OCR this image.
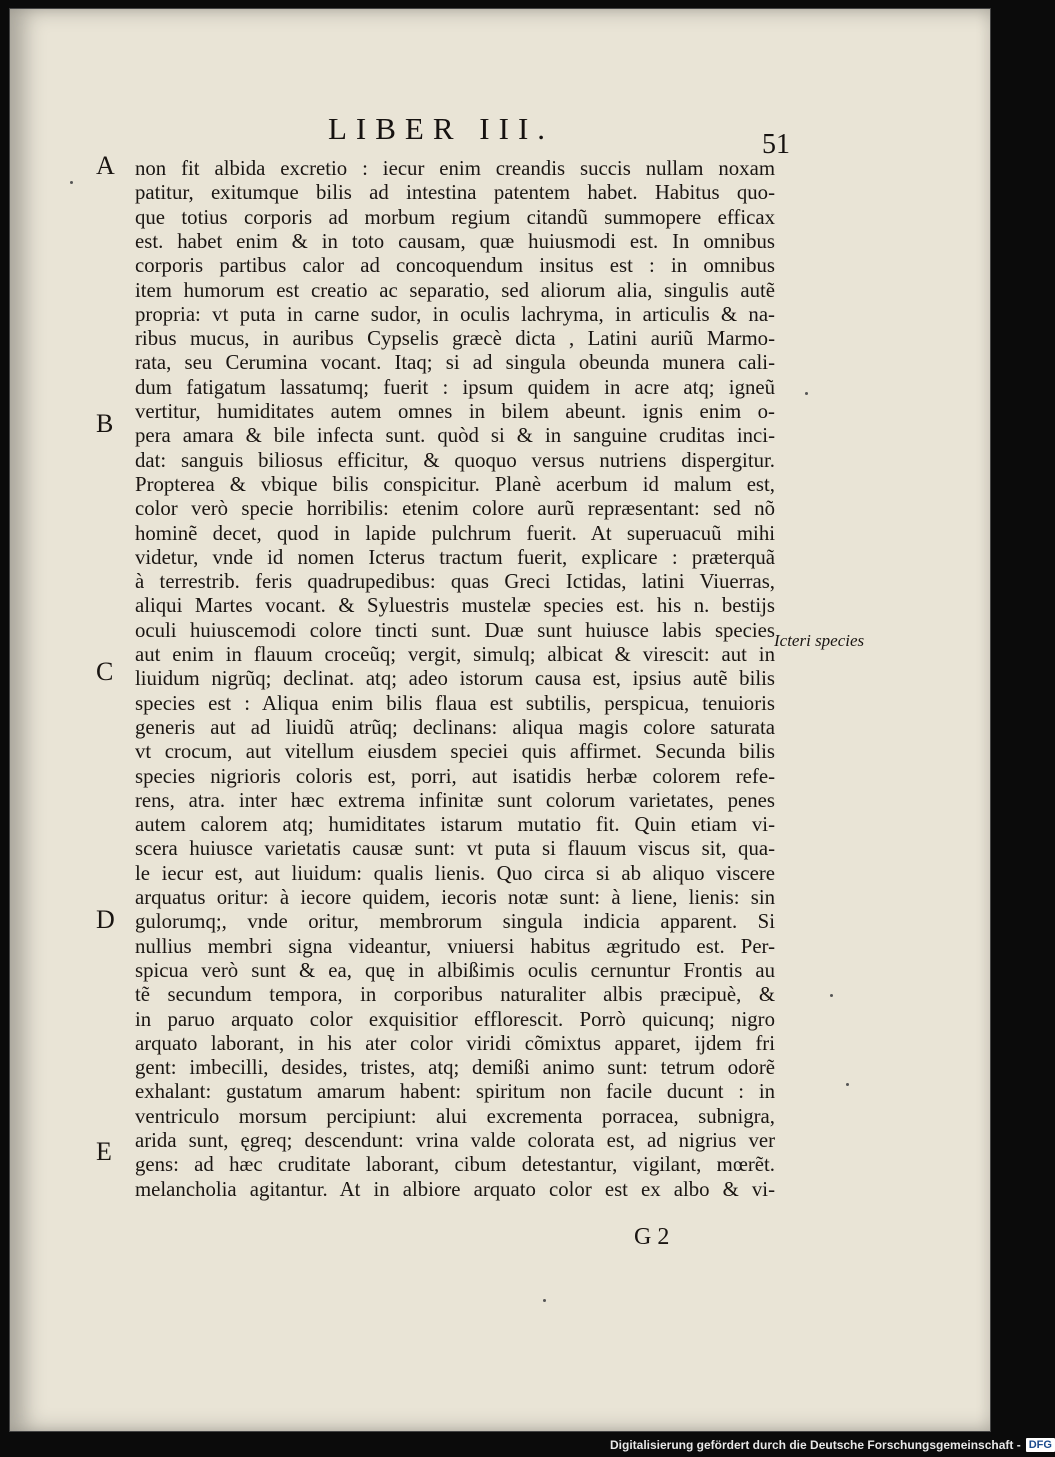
LIBER III.	51
non fit albida excretio : iecur enim creandis succis nullam noxam
patitur, exitumque bilis ad intestina patentem habet. Habitus quo-
que totius corporis ad morbum regium citandũ summopere efficax
est. habet enim & in toto causam, quæ huiusmodi est. In omnibus
corporis partibus calor ad concoquendum insitus est : in omnibus
item humorum est creatio ac separatio, sed aliorum alia, singulis autẽ
propria: vt puta in carne sudor, in oculis lachryma, in articulis & na-
ribus mucus, in auribus Cypselis græcè dicta , Latini auriũ Marmo-
rata, seu Cerumina vocant. Itaq; si ad singula obeunda munera cali-
dum fatigatum lassatumq; fuerit : ipsum quidem in acre atq; igneũ
vertitur, humiditates autem omnes in bilem abeunt. ignis enim o-
pera amara & bile infecta sunt. quòd si & in sanguine cruditas inci-
dat: sanguis biliosus efficitur, & quoquo versus nutriens dispergitur.
Propterea & vbique bilis conspicitur. Planè acerbum id malum est,
color verò specie horribilis: etenim colore aurũ repræsentant: sed nõ
hominẽ decet, quod in lapide pulchrum fuerit. At superuacuũ mihi
videtur, vnde id nomen Icterus tractum fuerit, explicare : præterquã
à terrestrib. feris quadrupedibus: quas Greci Ictidas, latini Viuerras,
aliqui Martes vocant. & Syluestris mustelæ species est. his n. bestijs
oculi huiuscemodi colore tincti sunt. Duæ sunt huiusce labis species
aut enim in flauum croceũq; vergit, simulq; albicat & virescit: aut in
liuidum nigrũq; declinat. atq; adeo istorum causa est, ipsius autẽ bilis
species est : Aliqua enim bilis flaua est subtilis, perspicua, tenuioris
generis aut ad liuidũ atrũq; declinans: aliqua magis colore saturata
vt crocum, aut vitellum eiusdem speciei quis affirmet. Secunda bilis
species nigrioris coloris est, porri, aut isatidis herbæ colorem refe-
rens, atra. inter hæc extrema infinitæ sunt colorum varietates, penes
autem calorem atq; humiditates istarum mutatio fit. Quin etiam vi-
scera huiusce varietatis causæ sunt: vt puta si flauum viscus sit, qua-
le iecur est, aut liuidum: qualis lienis. Quo circa si ab aliquo viscere
arquatus oritur: à iecore quidem, iecoris notæ sunt: à liene, lienis: sin
gulorumq;, vnde oritur, membrorum singula indicia apparent. Si
nullius membri signa videantur, vniuersi habitus ægritudo est. Per-
spicua verò sunt & ea, quę in albißimis oculis cernuntur Frontis au
tẽ secundum tempora, in corporibus naturaliter albis præcipuè, &
in paruo arquato color exquisitior efflorescit. Porrò quicunq; nigro
arquato laborant, in his ater color viridi cõmixtus apparet, ijdem fri
gent: imbecilli, desides, tristes, atq; demißi animo sunt: tetrum odorẽ
exhalant: gustatum amarum habent: spiritum non facile ducunt : in
ventriculo morsum percipiunt: alui excrementa porracea, subnigra,
arida sunt, ęgreq; descendunt: vrina valde colorata est, ad nigrius ver
gens: ad hæc cruditate laborant, cibum detestantur, vigilant, mœrẽt.
melancholia agitantur. At in albiore arquato color est ex albo & vi-
A
B
C
D
E
Icteri species
G 2
Digitalisierung gefördert durch die Deutsche Forschungsgemeinschaft - DFG
